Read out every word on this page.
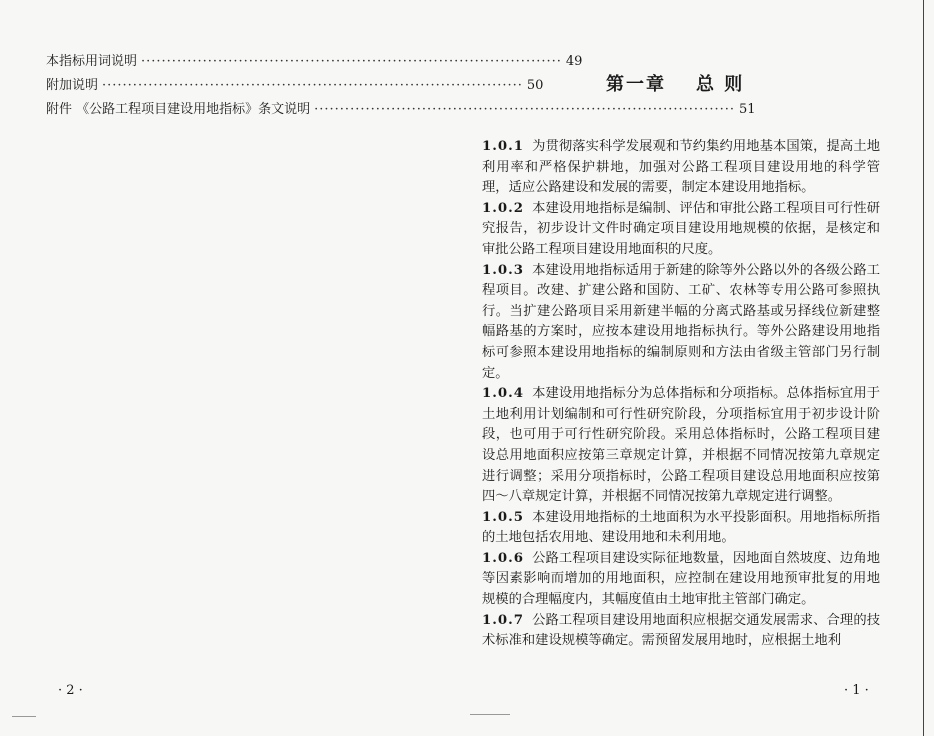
本指标用词说明 ·················································································· 49
附加说明 ·················································································· 50
附件 《公路工程项目建设用地指标》条文说明 ·················································································· 51
· 2 ·
第一章 总 则

1.0.1 为贯彻落实科学发展观和节约集约用地基本国策，提高土地利用率和严格保护耕地，加强对公路工程项目建设用地的科学管理，适应公路建设和发展的需要，制定本建设用地指标。

1.0.2 本建设用地指标是编制、评估和审批公路工程项目可行性研究报告，初步设计文件时确定项目建设用地规模的依据，是核定和审批公路工程项目建设用地面积的尺度。

1.0.3 本建设用地指标适用于新建的除等外公路以外的各级公路工程项目。改建、扩建公路和国防、工矿、农林等专用公路可参照执行。当扩建公路项目采用新建半幅的分离式路基或另择线位新建整幅路基的方案时，应按本建设用地指标执行。等外公路建设用地指标可参照本建设用地指标的编制原则和方法由省级主管部门另行制定。

1.0.4 本建设用地指标分为总体指标和分项指标。总体指标宜用于土地利用计划编制和可行性研究阶段，分项指标宜用于初步设计阶段，也可用于可行性研究阶段。采用总体指标时，公路工程项目建设总用地面积应按第三章规定计算，并根据不同情况按第九章规定进行调整；采用分项指标时，公路工程项目建设总用地面积应按第四～八章规定计算，并根据不同情况按第九章规定进行调整。

1.0.5 本建设用地指标的土地面积为水平投影面积。用地指标所指的土地包括农用地、建设用地和未利用地。

1.0.6 公路工程项目建设实际征地数量，因地面自然坡度、边角地等因素影响而增加的用地面积，应控制在建设用地预审批复的用地规模的合理幅度内，其幅度值由土地审批主管部门确定。

1.0.7 公路工程项目建设用地面积应根据交通发展需求、合理的技术标准和建设规模等确定。需预留发展用地时，应根据土地利

· 1 ·
